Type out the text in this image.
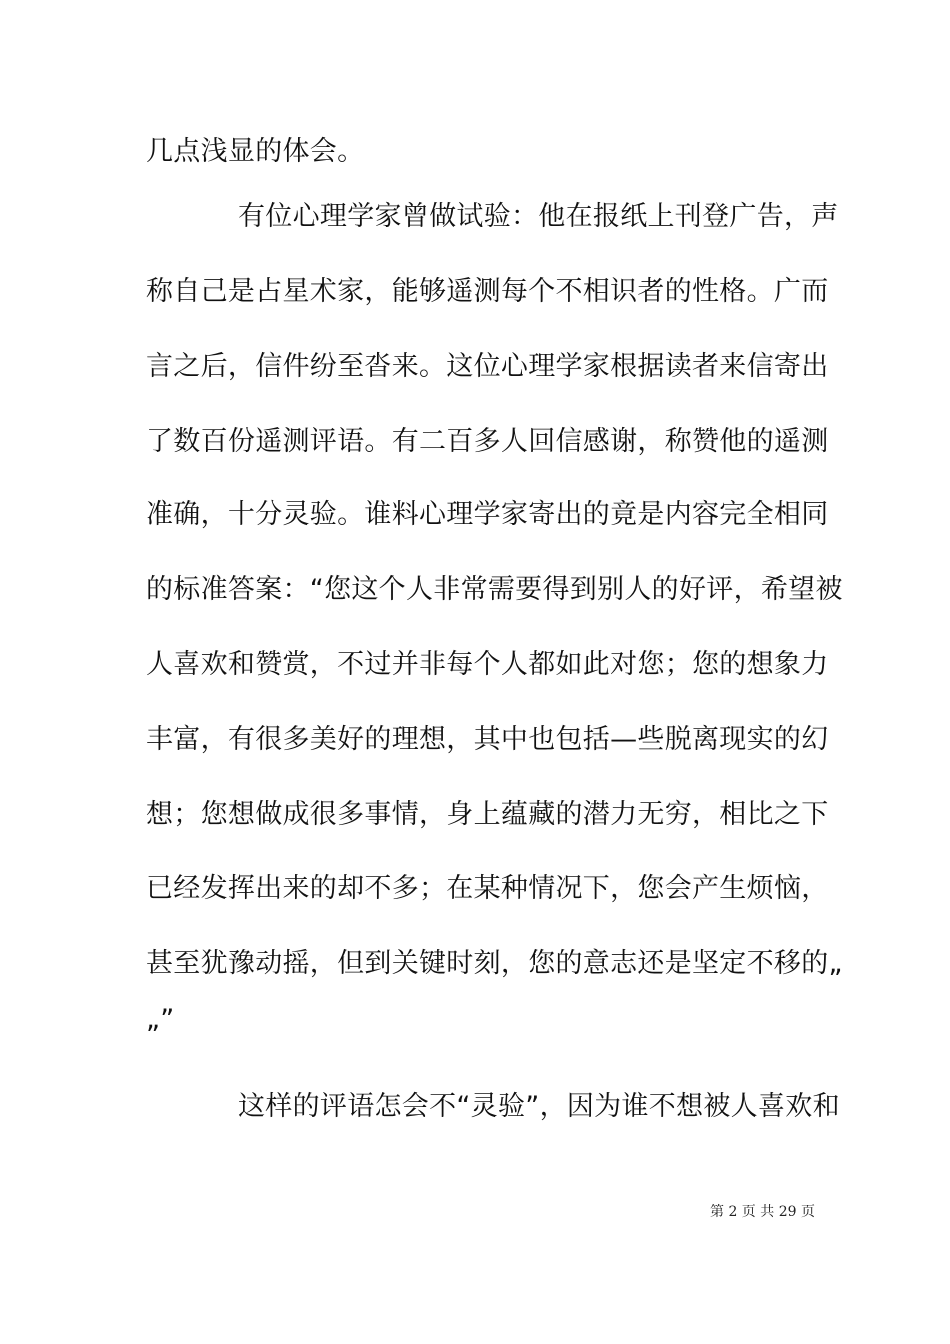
几点浅显的体会。
有位心理学家曾做试验：他在报纸上刊登广告，声
称自己是占星术家，能够遥测每个不相识者的性格。广而
言之后，信件纷至沓来。这位心理学家根据读者来信寄出
了数百份遥测评语。有二百多人回信感谢，称赞他的遥测
准确，十分灵验。谁料心理学家寄出的竟是内容完全相同
的标准答案：“您这个人非常需要得到别人的好评，希望被
人喜欢和赞赏，不过并非每个人都如此对您；您的想象力
丰富，有很多美好的理想，其中也包括—些脱离现实的幻
想；您想做成很多事情，身上蕴藏的潜力无穷，相比之下
已经发挥出来的却不多；在某种情况下，您会产生烦恼，
甚至犹豫动摇，但到关键时刻，您的意志还是坚定不移的„
„”
这样的评语怎会不“灵验”，因为谁不想被人喜欢和
第 2 页 共 29 页
